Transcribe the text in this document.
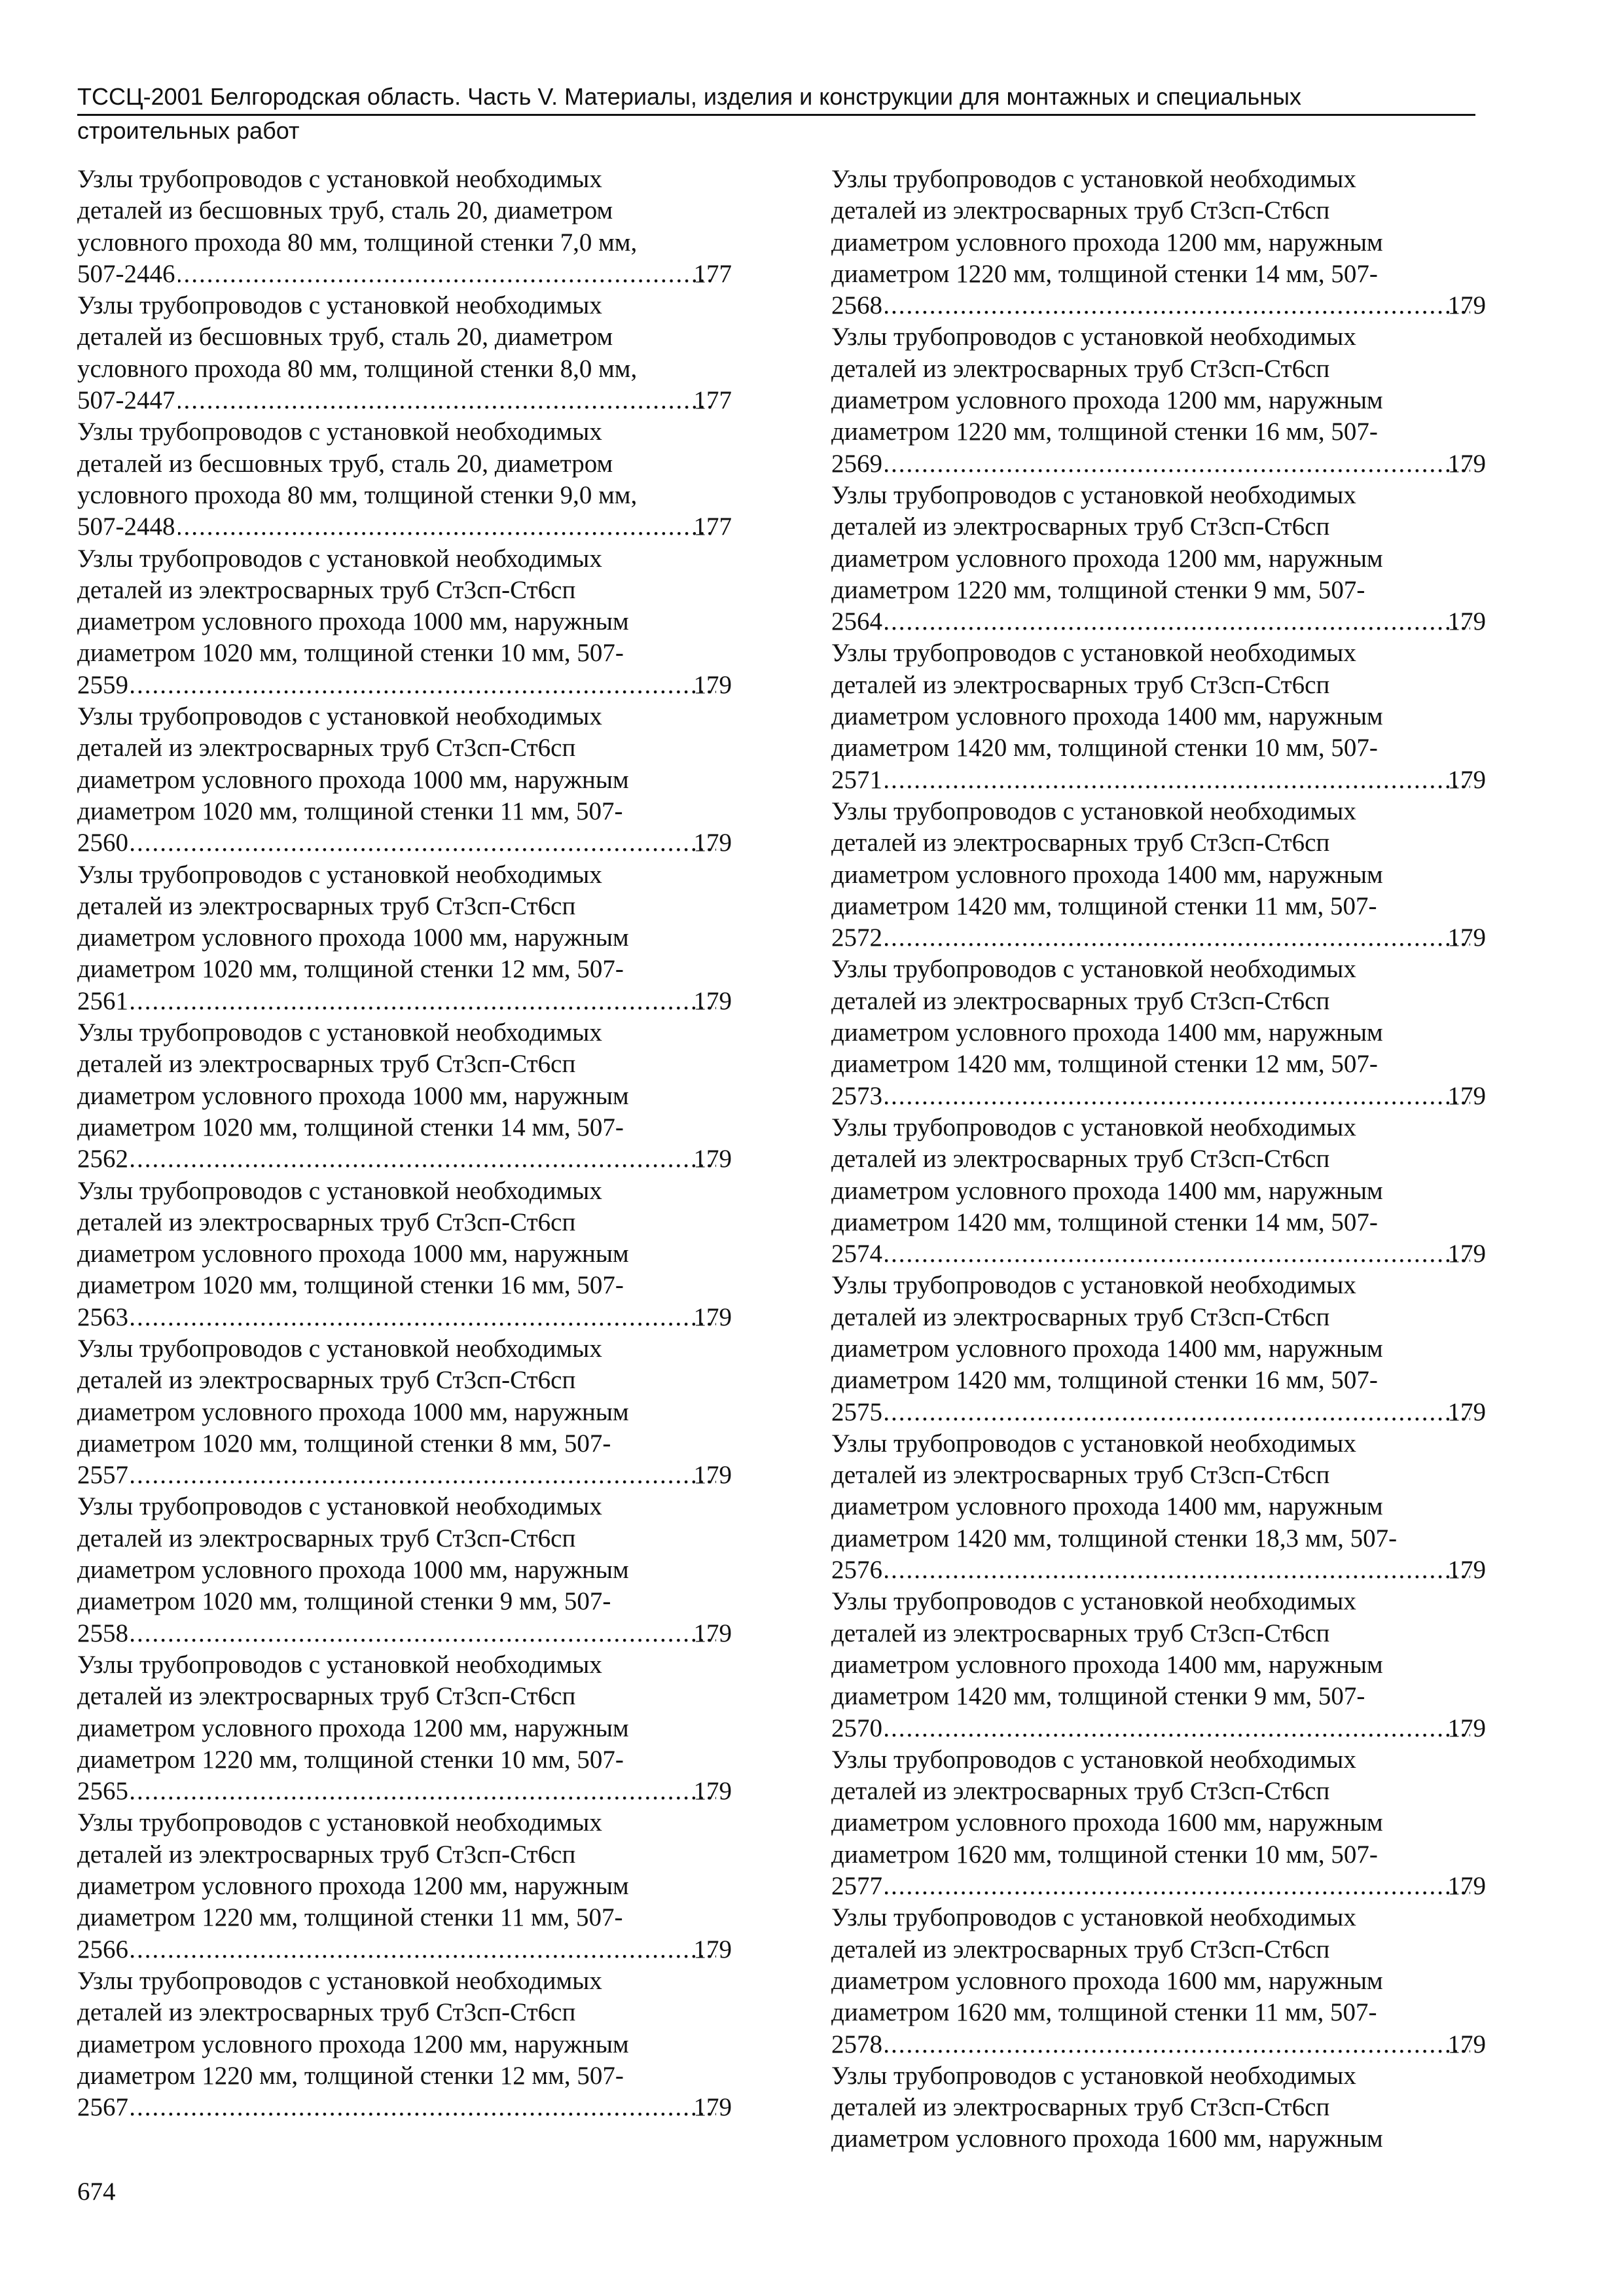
ТССЦ-2001 Белгородская область. Часть V. Материалы, изделия и конструкции для монтажных и специальных
строительных работ
Узлы трубопроводов с установкой необходимых
деталей из бесшовных труб, сталь 20, диаметром
условного прохода 80 мм, толщиной стенки 7,0 мм,
507-2446 .....	177
Узлы трубопроводов с установкой необходимых
деталей из бесшовных труб, сталь 20, диаметром
условного прохода 80 мм, толщиной стенки 8,0 мм,
507-2447 .....	177
Узлы трубопроводов с установкой необходимых
деталей из бесшовных труб, сталь 20, диаметром
условного прохода 80 мм, толщиной стенки 9,0 мм,
507-2448 .....	177
Узлы трубопроводов с установкой необходимых
деталей из электросварных труб Ст3сп-Ст6сп
диаметром условного прохода 1000 мм, наружным
диаметром 1020 мм, толщиной стенки 10 мм, 507-
2559 .....	179
Узлы трубопроводов с установкой необходимых
деталей из электросварных труб Ст3сп-Ст6сп
диаметром условного прохода 1000 мм, наружным
диаметром 1020 мм, толщиной стенки 11 мм, 507-
2560 .....	179
Узлы трубопроводов с установкой необходимых
деталей из электросварных труб Ст3сп-Ст6сп
диаметром условного прохода 1000 мм, наружным
диаметром 1020 мм, толщиной стенки 12 мм, 507-
2561 .....	179
Узлы трубопроводов с установкой необходимых
деталей из электросварных труб Ст3сп-Ст6сп
диаметром условного прохода 1000 мм, наружным
диаметром 1020 мм, толщиной стенки 14 мм, 507-
2562 .....	179
Узлы трубопроводов с установкой необходимых
деталей из электросварных труб Ст3сп-Ст6сп
диаметром условного прохода 1000 мм, наружным
диаметром 1020 мм, толщиной стенки 16 мм, 507-
2563 .....	179
Узлы трубопроводов с установкой необходимых
деталей из электросварных труб Ст3сп-Ст6сп
диаметром условного прохода 1000 мм, наружным
диаметром 1020 мм, толщиной стенки 8 мм, 507-
2557 .....	179
Узлы трубопроводов с установкой необходимых
деталей из электросварных труб Ст3сп-Ст6сп
диаметром условного прохода 1000 мм, наружным
диаметром 1020 мм, толщиной стенки 9 мм, 507-
2558 .....	179
Узлы трубопроводов с установкой необходимых
деталей из электросварных труб Ст3сп-Ст6сп
диаметром условного прохода 1200 мм, наружным
диаметром 1220 мм, толщиной стенки 10 мм, 507-
2565 .....	179
Узлы трубопроводов с установкой необходимых
деталей из электросварных труб Ст3сп-Ст6сп
диаметром условного прохода 1200 мм, наружным
диаметром 1220 мм, толщиной стенки 11 мм, 507-
2566 .....	179
Узлы трубопроводов с установкой необходимых
деталей из электросварных труб Ст3сп-Ст6сп
диаметром условного прохода 1200 мм, наружным
диаметром 1220 мм, толщиной стенки 12 мм, 507-
2567 .....	179
Узлы трубопроводов с установкой необходимых
деталей из электросварных труб Ст3сп-Ст6сп
диаметром условного прохода 1200 мм, наружным
диаметром 1220 мм, толщиной стенки 14 мм, 507-
2568 .....	179
Узлы трубопроводов с установкой необходимых
деталей из электросварных труб Ст3сп-Ст6сп
диаметром условного прохода 1200 мм, наружным
диаметром 1220 мм, толщиной стенки 16 мм, 507-
2569 .....	179
Узлы трубопроводов с установкой необходимых
деталей из электросварных труб Ст3сп-Ст6сп
диаметром условного прохода 1200 мм, наружным
диаметром 1220 мм, толщиной стенки 9 мм, 507-
2564 .....	179
Узлы трубопроводов с установкой необходимых
деталей из электросварных труб Ст3сп-Ст6сп
диаметром условного прохода 1400 мм, наружным
диаметром 1420 мм, толщиной стенки 10 мм, 507-
2571 .....	179
Узлы трубопроводов с установкой необходимых
деталей из электросварных труб Ст3сп-Ст6сп
диаметром условного прохода 1400 мм, наружным
диаметром 1420 мм, толщиной стенки 11 мм, 507-
2572 .....	179
Узлы трубопроводов с установкой необходимых
деталей из электросварных труб Ст3сп-Ст6сп
диаметром условного прохода 1400 мм, наружным
диаметром 1420 мм, толщиной стенки 12 мм, 507-
2573 .....	179
Узлы трубопроводов с установкой необходимых
деталей из электросварных труб Ст3сп-Ст6сп
диаметром условного прохода 1400 мм, наружным
диаметром 1420 мм, толщиной стенки 14 мм, 507-
2574 .....	179
Узлы трубопроводов с установкой необходимых
деталей из электросварных труб Ст3сп-Ст6сп
диаметром условного прохода 1400 мм, наружным
диаметром 1420 мм, толщиной стенки 16 мм, 507-
2575 .....	179
Узлы трубопроводов с установкой необходимых
деталей из электросварных труб Ст3сп-Ст6сп
диаметром условного прохода 1400 мм, наружным
диаметром 1420 мм, толщиной стенки 18,3 мм, 507-
2576 .....	179
Узлы трубопроводов с установкой необходимых
деталей из электросварных труб Ст3сп-Ст6сп
диаметром условного прохода 1400 мм, наружным
диаметром 1420 мм, толщиной стенки 9 мм, 507-
2570 .....	179
Узлы трубопроводов с установкой необходимых
деталей из электросварных труб Ст3сп-Ст6сп
диаметром условного прохода 1600 мм, наружным
диаметром 1620 мм, толщиной стенки 10 мм, 507-
2577 .....	179
Узлы трубопроводов с установкой необходимых
деталей из электросварных труб Ст3сп-Ст6сп
диаметром условного прохода 1600 мм, наружным
диаметром 1620 мм, толщиной стенки 11 мм, 507-
2578 .....	179
Узлы трубопроводов с установкой необходимых
деталей из электросварных труб Ст3сп-Ст6сп
диаметром условного прохода 1600 мм, наружным
674
